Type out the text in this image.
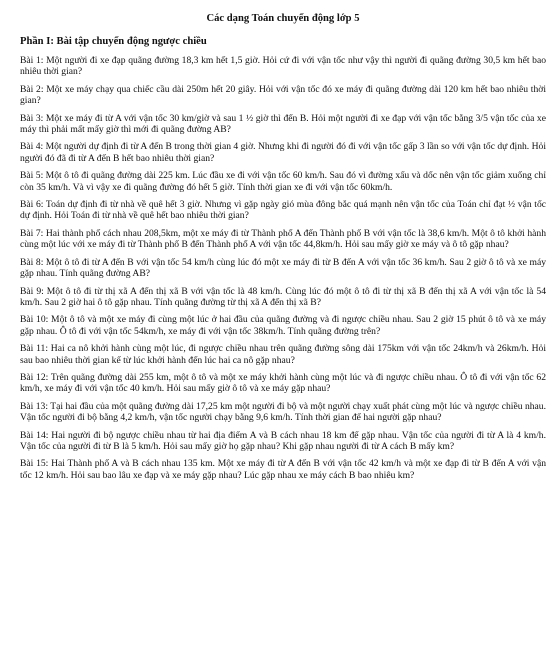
Các dạng Toán chuyển động lớp 5
Phần I: Bài tập chuyển động ngược chiều

Bài 1: Một người đi xe đạp quãng đường 18,3 km hết 1,5 giờ. Hỏi cứ đi với vận tốc như vậy thì người đi quãng đường 30,5 km hết bao nhiêu thời gian?

Bài 2: Một xe máy chạy qua chiếc cầu dài 250m hết 20 giây. Hỏi với vận tốc đó xe máy đi quãng đường dài 120 km hết bao nhiêu thời gian?

Bài 3: Một xe máy đi từ A với vận tốc 30 km/giờ và sau 1 ½ giờ thì đến B. Hỏi một người đi xe đạp với vận tốc bằng 3/5 vận tốc của xe máy thì phải mất mấy giờ thì mới đi quãng đường AB?

Bài 4: Một người dự định đi từ A đến B trong thời gian 4 giờ. Nhưng khi đi người đó đi với vận tốc gấp 3 lần so với vận tốc dự định. Hỏi người đó đã đi từ A đến B hết bao nhiêu thời gian?

Bài 5: Một ô tô đi quãng đường dài 225 km. Lúc đầu xe đi với vận tốc 60 km/h. Sau đó vì đường xấu và dốc nên vận tốc giảm xuống chỉ còn 35 km/h. Và vì vậy xe đi quãng đường đó hết 5 giờ. Tính thời gian xe đi với vận tốc 60km/h.

Bài 6: Toán dự định đi từ nhà về quê hết 3 giờ. Nhưng vì gặp ngày gió mùa đông bắc quá mạnh nên vận tốc của Toán chỉ đạt ½ vận tốc dự định. Hỏi Toán đi từ nhà về quê hết bao nhiêu thời gian?

Bài 7: Hai thành phố cách nhau 208,5km, một xe máy đi từ Thành phố A đến Thành phố B với vận tốc là 38,6 km/h. Một ô tô khởi hành cùng một lúc với xe máy đi từ Thành phố B đến Thành phố A với vận tốc 44,8km/h. Hỏi sau mấy giờ xe máy và ô tô gặp nhau?

Bài 8: Một ô tô đi từ A đến B với vận tốc 54 km/h cùng lúc đó một xe máy đi từ B đến A với vận tốc 36 km/h. Sau 2 giờ ô tô và xe máy gặp nhau. Tính quãng đường AB?

Bài 9: Một ô tô đi từ thị xã A đến thị xã B với vận tốc là 48 km/h. Cùng lúc đó một ô tô đi từ thị xã B đến thị xã A với vận tốc là 54 km/h. Sau 2 giờ hai ô tô gặp nhau. Tính quãng đường từ thị xã A đến thị xã B?

Bài 10: Một ô tô và một xe máy đi cùng một lúc ở hai đầu của quãng đường và đi ngược chiều nhau. Sau 2 giờ 15 phút ô tô và xe máy gặp nhau. Ô tô đi với vận tốc 54km/h, xe máy đi với vận tốc 38km/h. Tính quãng đường trên?

Bài 11: Hai ca nô khởi hành cùng một lúc, đi ngược chiều nhau trên quãng đường sông dài 175km với vận tốc 24km/h và 26km/h. Hỏi sau bao nhiêu thời gian kể từ lúc khởi hành đến lúc hai ca nô gặp nhau?

Bài 12: Trên quãng đường dài 255 km, một ô tô và một xe máy khởi hành cùng một lúc và đi ngược chiều nhau. Ô tô đi với vận tốc 62 km/h, xe máy đi với vận tốc 40 km/h. Hỏi sau mấy giờ ô tô và xe máy gặp nhau?

Bài 13: Tại hai đầu của một quãng đường dài 17,25 km một người đi bộ và một người chạy xuất phát cùng một lúc và ngược chiều nhau. Vận tốc người đi bộ bằng 4,2 km/h, vận tốc người chạy bằng 9,6 km/h. Tính thời gian để hai người gặp nhau?

Bài 14: Hai người đi bộ ngược chiều nhau từ hai địa điểm A và B cách nhau 18 km để gặp nhau. Vận tốc của người đi từ A là 4 km/h. Vận tốc của người đi từ B là 5 km/h. Hỏi sau mấy giờ họ gặp nhau? Khi gặp nhau người đi từ A cách B mấy km?

Bài 15: Hai Thành phố A và B cách nhau 135 km. Một xe máy đi từ A đến B với vận tốc 42 km/h và một xe đạp đi từ B đến A với vận tốc 12 km/h. Hỏi sau bao lâu xe đạp và xe máy gặp nhau? Lúc gặp nhau xe máy cách B bao nhiêu km?
